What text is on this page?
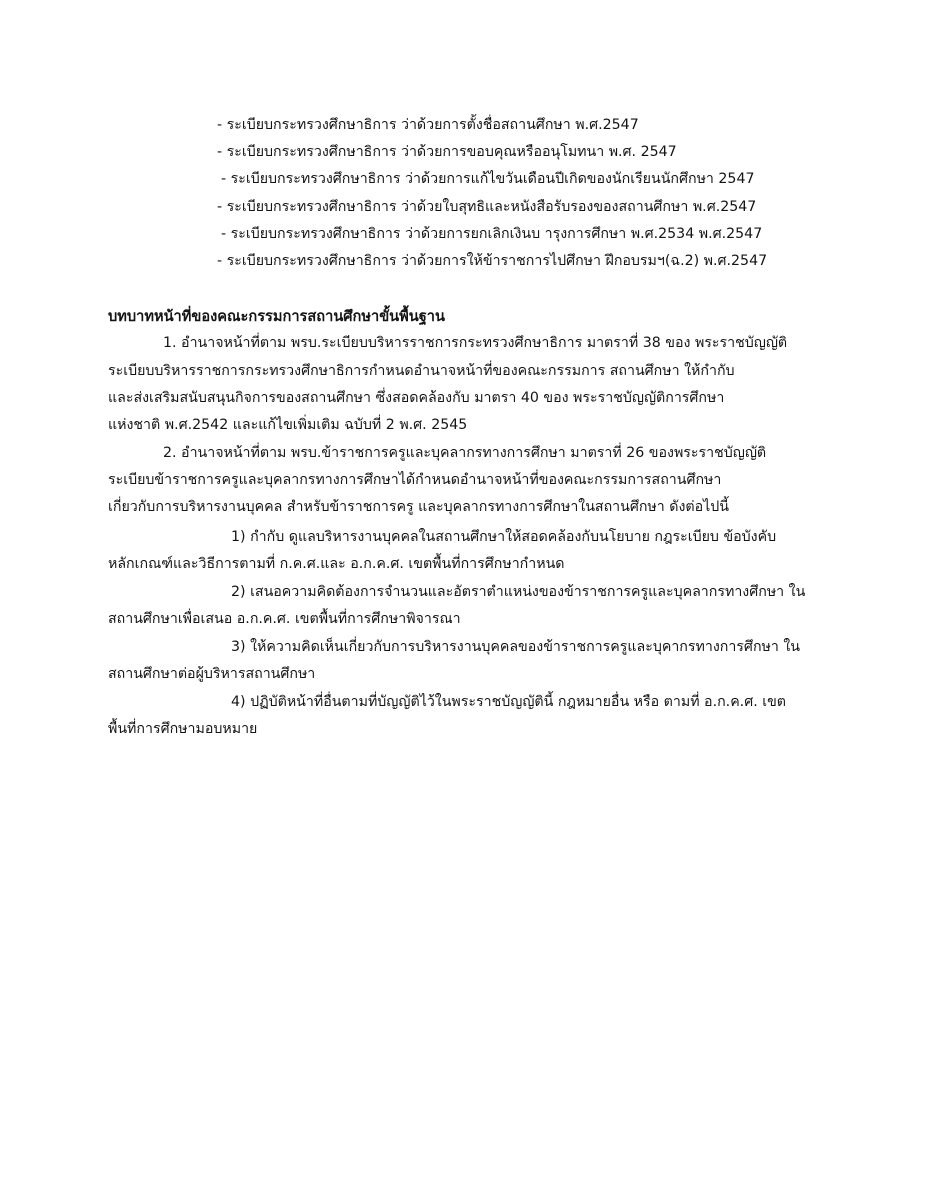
- ระเบียบกระทรวงศึกษาธิการ ว่าด้วยการตั้งชื่อสถานศึกษา พ.ศ.2547
- ระเบียบกระทรวงศึกษาธิการ ว่าด้วยการขอบคุณหรืออนุโมทนา พ.ศ. 2547
- ระเบียบกระทรวงศึกษาธิการ ว่าด้วยการแก้ไขวันเดือนปีเกิดของนักเรียนนักศึกษา 2547
- ระเบียบกระทรวงศึกษาธิการ ว่าด้วยใบสุทธิและหนังสือรับรองของสถานศึกษา พ.ศ.2547
- ระเบียบกระทรวงศึกษาธิการ ว่าด้วยการยกเลิกเงินบ ารุงการศึกษา พ.ศ.2534 พ.ศ.2547
- ระเบียบกระทรวงศึกษาธิการ ว่าด้วยการให้ข้าราชการไปศึกษา ฝึกอบรมฯ(ฉ.2) พ.ศ.2547
บทบาทหน้าที่ของคณะกรรมการสถานศึกษาขั้นพื้นฐาน
1. อำนาจหน้าที่ตาม พรบ.ระเบียบบริหารราชการกระทรวงศึกษาธิการ มาตราที่ 38 ของ พระราชบัญญัติ
ระเบียบบริหารราชการกระทรวงศึกษาธิการกำหนดอำนาจหน้าที่ของคณะกรรมการ สถานศึกษา ให้กำกับ
และส่งเสริมสนับสนุนกิจการของสถานศึกษา ซึ่งสอดคล้องกับ มาตรา 40 ของ พระราชบัญญัติการศึกษา
แห่งชาติ พ.ศ.2542 และแก้ไขเพิ่มเติม ฉบับที่ 2 พ.ศ. 2545
2. อำนาจหน้าที่ตาม พรบ.ข้าราชการครูและบุคลากรทางการศึกษา มาตราที่ 26 ของพระราชบัญญัติ
ระเบียบข้าราชการครูและบุคลากรทางการศึกษาได้กำหนดอำนาจหน้าที่ของคณะกรรมการสถานศึกษา
เกี่ยวกับการบริหารงานบุคคล สำหรับข้าราชการครู และบุคลากรทางการศึกษาในสถานศึกษา ดังต่อไปนี้
1) กำกับ ดูแลบริหารงานบุคคลในสถานศึกษาให้สอดคล้องกับนโยบาย กฎระเบียบ ข้อบังคับ
หลักเกณฑ์และวิธีการตามที่ ก.ค.ศ.และ อ.ก.ค.ศ. เขตพื้นที่การศึกษากำหนด
2) เสนอความคิดต้องการจำนวนและอัตราตำแหน่งของข้าราชการครูและบุคลากรทางศึกษา ใน
สถานศึกษาเพื่อเสนอ อ.ก.ค.ศ. เขตพื้นที่การศึกษาพิจารณา
3) ให้ความคิดเห็นเกี่ยวกับการบริหารงานบุคคลของข้าราชการครูและบุคากรทางการศึกษา ใน
สถานศึกษาต่อผู้บริหารสถานศึกษา
4) ปฏิบัติหน้าที่อื่นตามที่บัญญัติไว้ในพระราชบัญญัตินี้ กฎหมายอื่น หรือ ตามที่ อ.ก.ค.ศ. เขต
พื้นที่การศึกษามอบหมาย
